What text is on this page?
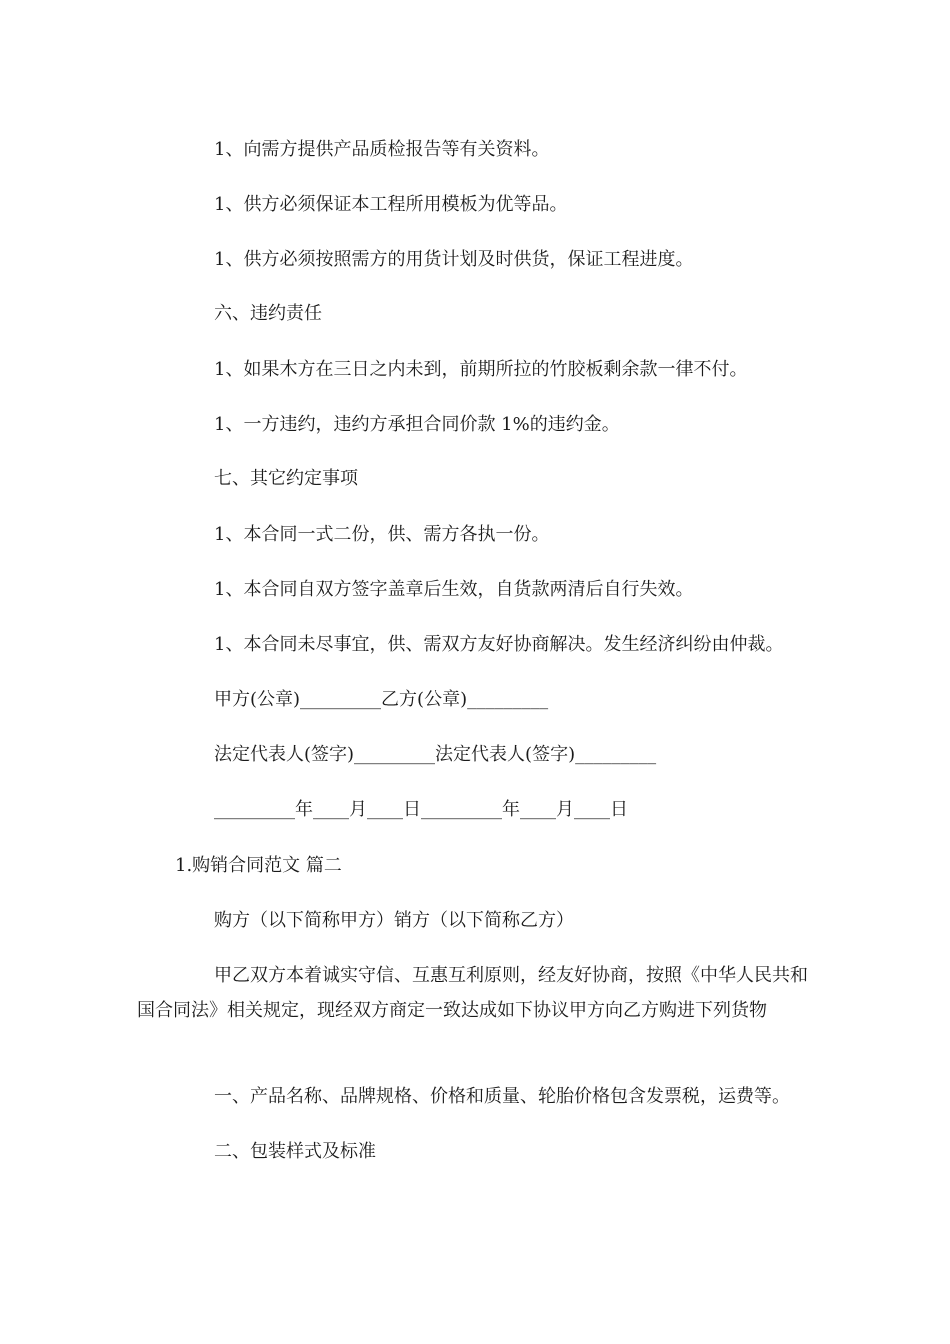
1、向需方提供产品质检报告等有关资料。
1、供方必须保证本工程所用模板为优等品。
1、供方必须按照需方的用货计划及时供货，保证工程进度。
六、违约责任
1、如果木方在三日之内未到，前期所拉的竹胶板剩余款一律不付。
1、一方违约，违约方承担合同价款 1%的违约金。
七、其它约定事项
1、本合同一式二份，供、需方各执一份。
1、本合同自双方签字盖章后生效，自货款两清后自行失效。
1、本合同未尽事宜，供、需双方友好协商解决。发生经济纠纷由仲裁。
甲方(公章)_________乙方(公章)_________
法定代表人(签字)_________法定代表人(签字)_________
_________年____月____日_________年____月____日
1.购销合同范文 篇二
购方（以下简称甲方）销方（以下简称乙方）
甲乙双方本着诚实守信、互惠互利原则，经友好协商，按照《中华人民共和国合同法》相关规定，现经双方商定一致达成如下协议甲方向乙方购进下列货物
一、产品名称、品牌规格、价格和质量、轮胎价格包含发票税，运费等。
二、包装样式及标准
